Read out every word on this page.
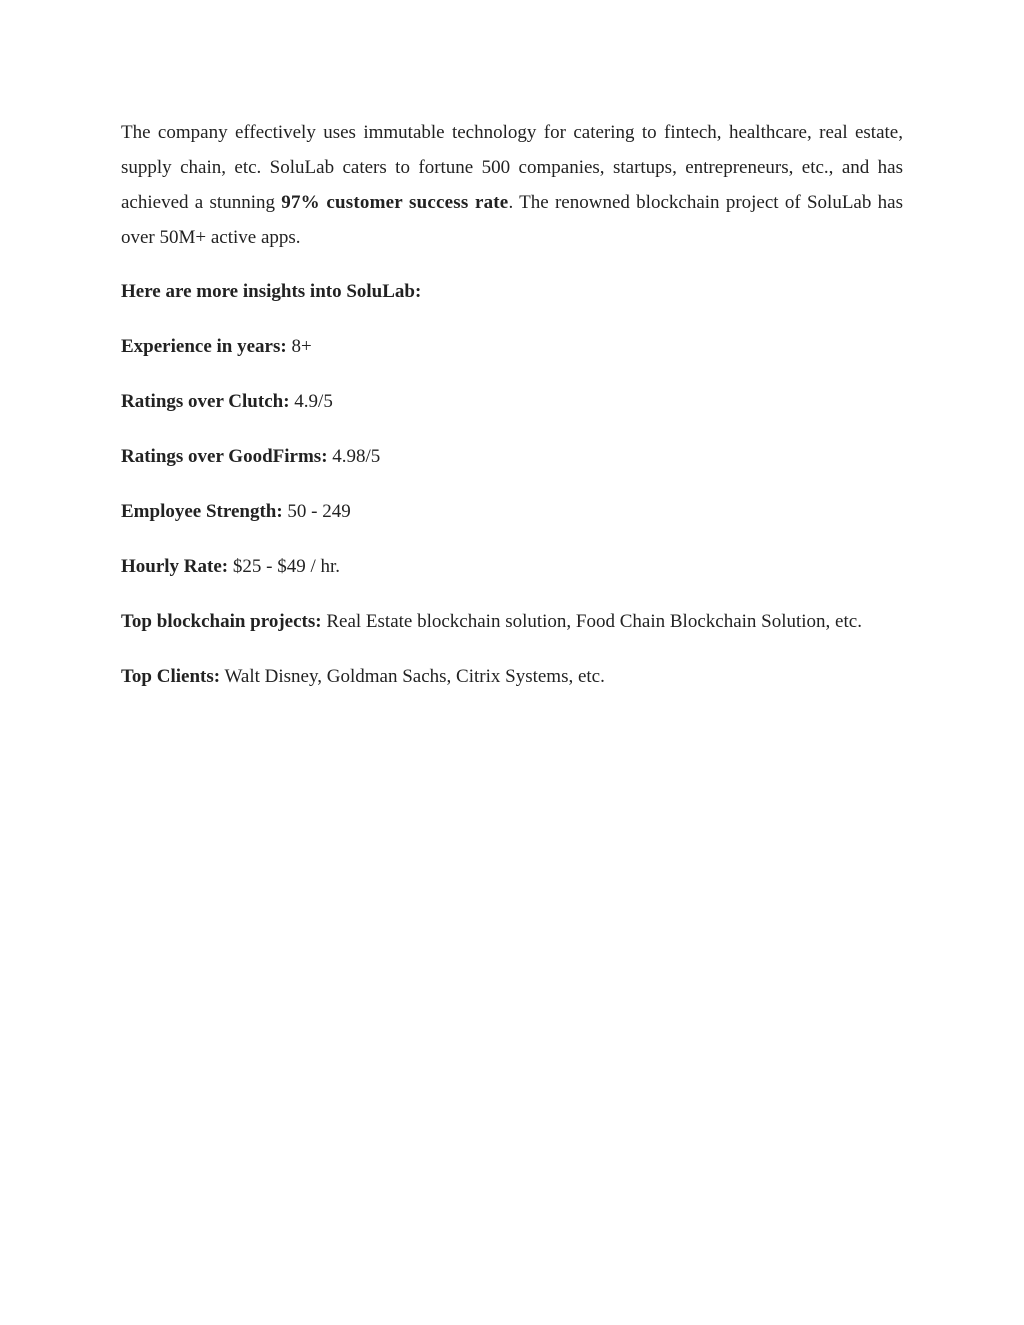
The company effectively uses immutable technology for catering to fintech, healthcare, real estate, supply chain, etc. SoluLab caters to fortune 500 companies, startups, entrepreneurs, etc., and has achieved a stunning 97% customer success rate. The renowned blockchain project of SoluLab has over 50M+ active apps.

Here are more insights into SoluLab:

Experience in years: 8+

Ratings over Clutch: 4.9/5

Ratings over GoodFirms: 4.98/5

Employee Strength: 50 - 249

Hourly Rate: $25 - $49 / hr.

Top blockchain projects: Real Estate blockchain solution, Food Chain Blockchain Solution, etc.

Top Clients: Walt Disney, Goldman Sachs, Citrix Systems, etc.
